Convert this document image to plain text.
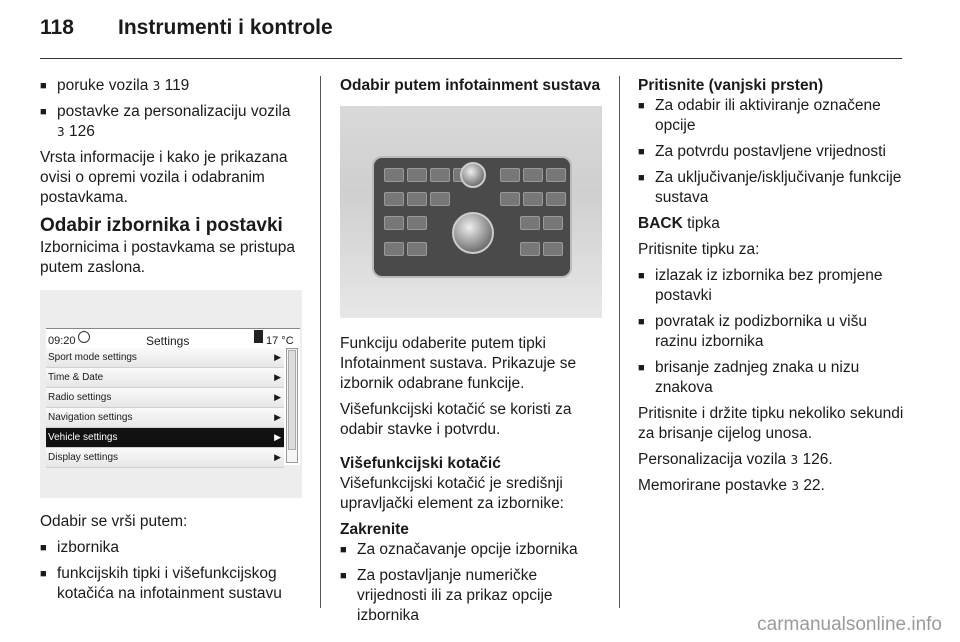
118 Instrumenti i kontrole

■ poruke vozila 3 119

■ postavke za personalizaciju vozila
3 126

Vrsta informacije i kako je prikazana ovisi o opremi vozila i odabranim postavkama.

Odabir izbornika i postavki

Izbornicima i postavkama se pristupa putem zaslona.

09:20	Settings	17 °C
Sport mode settings	▶
Time & Date	▶
Radio settings	▶
Navigation settings	▶
Vehicle settings	▶
Display settings	▶

Odabir se vrši putem:

■ izbornika

■ funkcijskih tipki i višefunkcijskog kotačića na infotainment sustavu

Odabir putem infotainment sustava

Funkciju odaberite putem tipki Infotainment sustava. Prikazuje se izbornik odabrane funkcije.

Višefunkcijski kotačić se koristi za odabir stavke i potvrdu.

Višefunkcijski kotačić

Višefunkcijski kotačić je središnji upravljački element za izbornike:

Zakrenite

■ Za označavanje opcije izbornika

■ Za postavljanje numeričke vrijednosti ili za prikaz opcije izbornika

Pritisnite (vanjski prsten)

■ Za odabir ili aktiviranje označene opcije

■ Za potvrdu postavljene vrijednosti

■ Za uključivanje/isključivanje funkcije sustava

BACK tipka

Pritisnite tipku za:

■ izlazak iz izbornika bez promjene postavki

■ povratak iz podizbornika u višu razinu izbornika

■ brisanje zadnjeg znaka u nizu znakova

Pritisnite i držite tipku nekoliko sekundi za brisanje cijelog unosa.

Personalizacija vozila 3 126.

Memorirane postavke 3 22.

carmanualsonline.info
